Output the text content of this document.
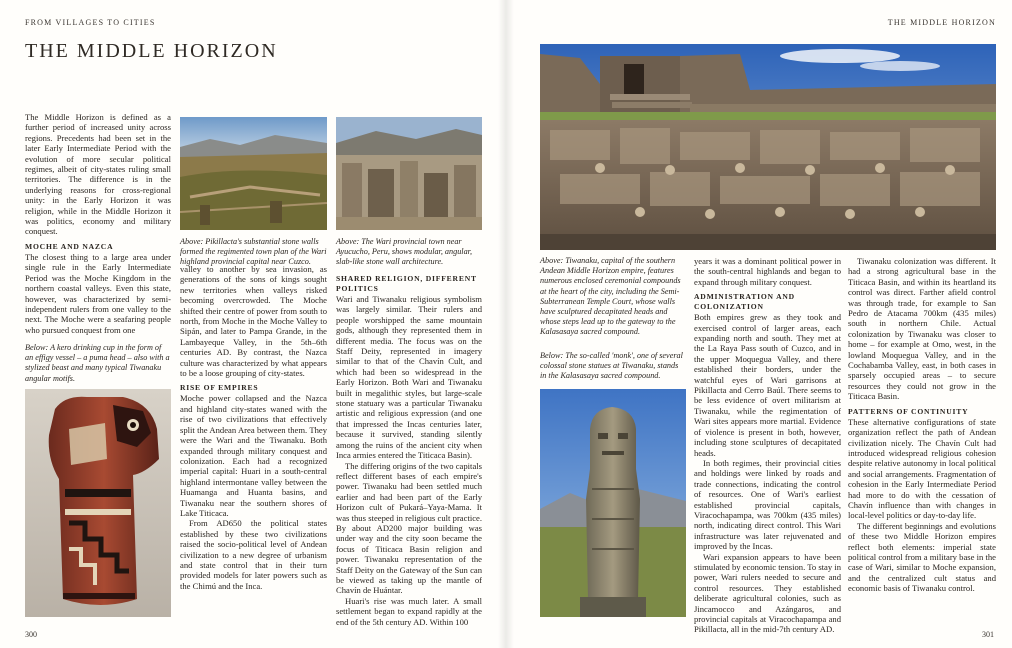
FROM VILLAGES TO CITIES
THE MIDDLE HORIZON

The Middle Horizon is defined as a further period of increased unity across regions. Precedents had been set in the later Early Intermediate Period with the evolution of more secular political regimes, albeit of city-states ruling small territories. The difference is in the underlying reasons for cross-regional unity: in the Early Horizon it was religion, while in the Middle Horizon it was politics, economy and military conquest.

MOCHE AND NAZCA

The closest thing to a large area under single rule in the Early Intermediate Period was the Moche Kingdom in the northern coastal valleys. Even this state, however, was characterized by semi-independent rulers from one valley to the next. The Moche were a seafaring people who pursued conquest from one

Below: A kero drinking cup in the form of an effigy vessel – a puma head – also with a stylized beast and many typical Tiwanaku angular motifs.

Above: Pikillacta's substantial stone walls formed the regimented town plan of the Wari highland provincial capital near Cuzco.

Above: The Wari provincial town near Ayucucho, Peru, shows modular, angular, slab-like stone wall architecture.

valley to another by sea invasion, as generations of the sons of kings sought new territories when valleys risked becoming overcrowded. The Moche shifted their centre of power from south to north, from Moche in the Moche Valley to Sipán, and later to Pampa Grande, in the Lambayeque Valley, in the 5th–6th centuries AD. By contrast, the Nazca culture was characterized by what appears to be a loose grouping of city-states.

RISE OF EMPIRES

Moche power collapsed and the Nazca and highland city-states waned with the rise of two civilizations that effectively split the Andean Area between them. They were the Wari and the Tiwanaku. Both expanded through military conquest and colonization. Each had a recognized imperial capital: Huari in a south-central highland intermontane valley between the Huamanga and Huanta basins, and Tiwanaku near the southern shores of Lake Titicaca.

From AD650 the political states established by these two civilizations raised the socio-political level of Andean civilization to a new degree of urbanism and state control that in their turn provided models for later powers such as the Chimú and the Inca.

SHARED RELIGION, DIFFERENT POLITICS

Wari and Tiwanaku religious symbolism was largely similar. Their rulers and people worshipped the same mountain gods, although they represented them in different media. The focus was on the Staff Deity, represented in imagery similar to that of the Chavín Cult, and which had been so widespread in the Early Horizon. Both Wari and Tiwanaku built in megalithic styles, but large-scale stone statuary was a particular Tiwanaku artistic and religious expression (and one that impressed the Incas centuries later, because it survived, standing silently among the ruins of the ancient city when Inca armies entered the Titicaca Basin).

The differing origins of the two capitals reflect different bases of each empire's power. Tiwanaku had been settled much earlier and had been part of the Early Horizon cult of Pukará–Yaya-Mama. It was thus steeped in religious cult practice. By about AD200 major building was under way and the city soon became the focus of Titicaca Basin religion and power. Tiwanaku representation of the Staff Deity on the Gateway of the Sun can be viewed as taking up the mantle of Chavín de Huántar.

Huari's rise was much later. A small settlement began to expand rapidly at the end of the 5th century AD. Within 100

300
THE MIDDLE HORIZON

Above: Tiwanaku, capital of the southern Andean Middle Horizon empire, features numerous enclosed ceremonial compounds at the heart of the city, including the Semi-Subterranean Temple Court, whose walls have sculptured decapitated heads and whose steps lead up to the gateway to the Kalasasaya sacred compound.

Below: The so-called 'monk', one of several colossal stone statues at Tiwanaku, stands in the Kalasasaya sacred compound.

years it was a dominant political power in the south-central highlands and began to expand through military conquest.

ADMINISTRATION AND COLONIZATION

Both empires grew as they took and exercised control of larger areas, each expanding north and south. They met at the La Raya Pass south of Cuzco, and in the upper Moquegua Valley, and there established their borders, under the watchful eyes of Wari garrisons at Pikillacta and Cerro Baúl. There seems to be less evidence of overt militarism at Tiwanaku, while the regimentation of Wari sites appears more martial. Evidence of violence is present in both, however, including stone sculptures of decapitated heads.

In both regimes, their provincial cities and holdings were linked by roads and trade connections, indicating the control of resources. One of Wari's earliest established provincial capitals, Viracochapampa, was 700km (435 miles) north, indicating direct control. This Wari infrastructure was later rejuvenated and improved by the Incas.

Wari expansion appears to have been stimulated by economic tension. To stay in power, Wari rulers needed to secure and control resources. They established deliberate agricultural colonies, such as Jincamocco and Azángaros, and provincial capitals at Viracochapampa and Pikillacta, all in the mid-7th century AD.

Tiwanaku colonization was different. It had a strong agricultural base in the Titicaca Basin, and within its heartland its control was direct. Farther afield control was through trade, for example to San Pedro de Atacama 700km (435 miles) south in northern Chile. Actual colonization by Tiwanaku was closer to home – for example at Omo, west, in the lowland Moquegua Valley, and in the Cochabamba Valley, east, in both cases in sparsely occupied areas – to secure resources they could not grow in the Titicaca Basin.

PATTERNS OF CONTINUITY

These alternative configurations of state organization reflect the path of Andean civilization nicely. The Chavín Cult had introduced widespread religious cohesion despite relative autonomy in local political and social arrangements. Fragmentation of cohesion in the Early Intermediate Period had more to do with the cessation of Chavín influence than with changes in local-level politics or day-to-day life.

The different beginnings and evolutions of these two Middle Horizon empires reflect both elements: imperial state political control from a military base in the case of Wari, similar to Moche expansion, and the centralized cult status and economic basis of Tiwanaku control.

301
